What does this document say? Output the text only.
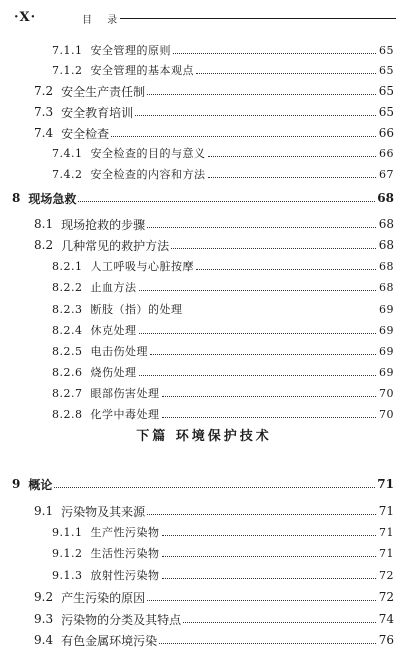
·X·	目 录
7.1.1 安全管理的原则	65
7.1.2 安全管理的基本观点	65
7.2 安全生产责任制	65
7.3 安全教育培训	65
7.4 安全检查	66
7.4.1 安全检查的目的与意义	66
7.4.2 安全检查的内容和方法	67
8 现场急救	68
8.1 现场抢救的步骤	68
8.2 几种常见的救护方法	68
8.2.1 人工呼吸与心脏按摩	68
8.2.2 止血方法	68
8.2.3 断肢（指）的处理	69
8.2.4 休克处理	69
8.2.5 电击伤处理	69
8.2.6 烧伤处理	69
8.2.7 眼部伤害处理	70
8.2.8 化学中毒处理	70
9 概论	71
9.1 污染物及其来源	71
9.1.1 生产性污染物	71
9.1.2 生活性污染物	71
9.1.3 放射性污染物	72
9.2 产生污染的原因	72
9.3 污染物的分类及其特点	74
9.4 有色金属环境污染	76
下篇 环境保护技术
